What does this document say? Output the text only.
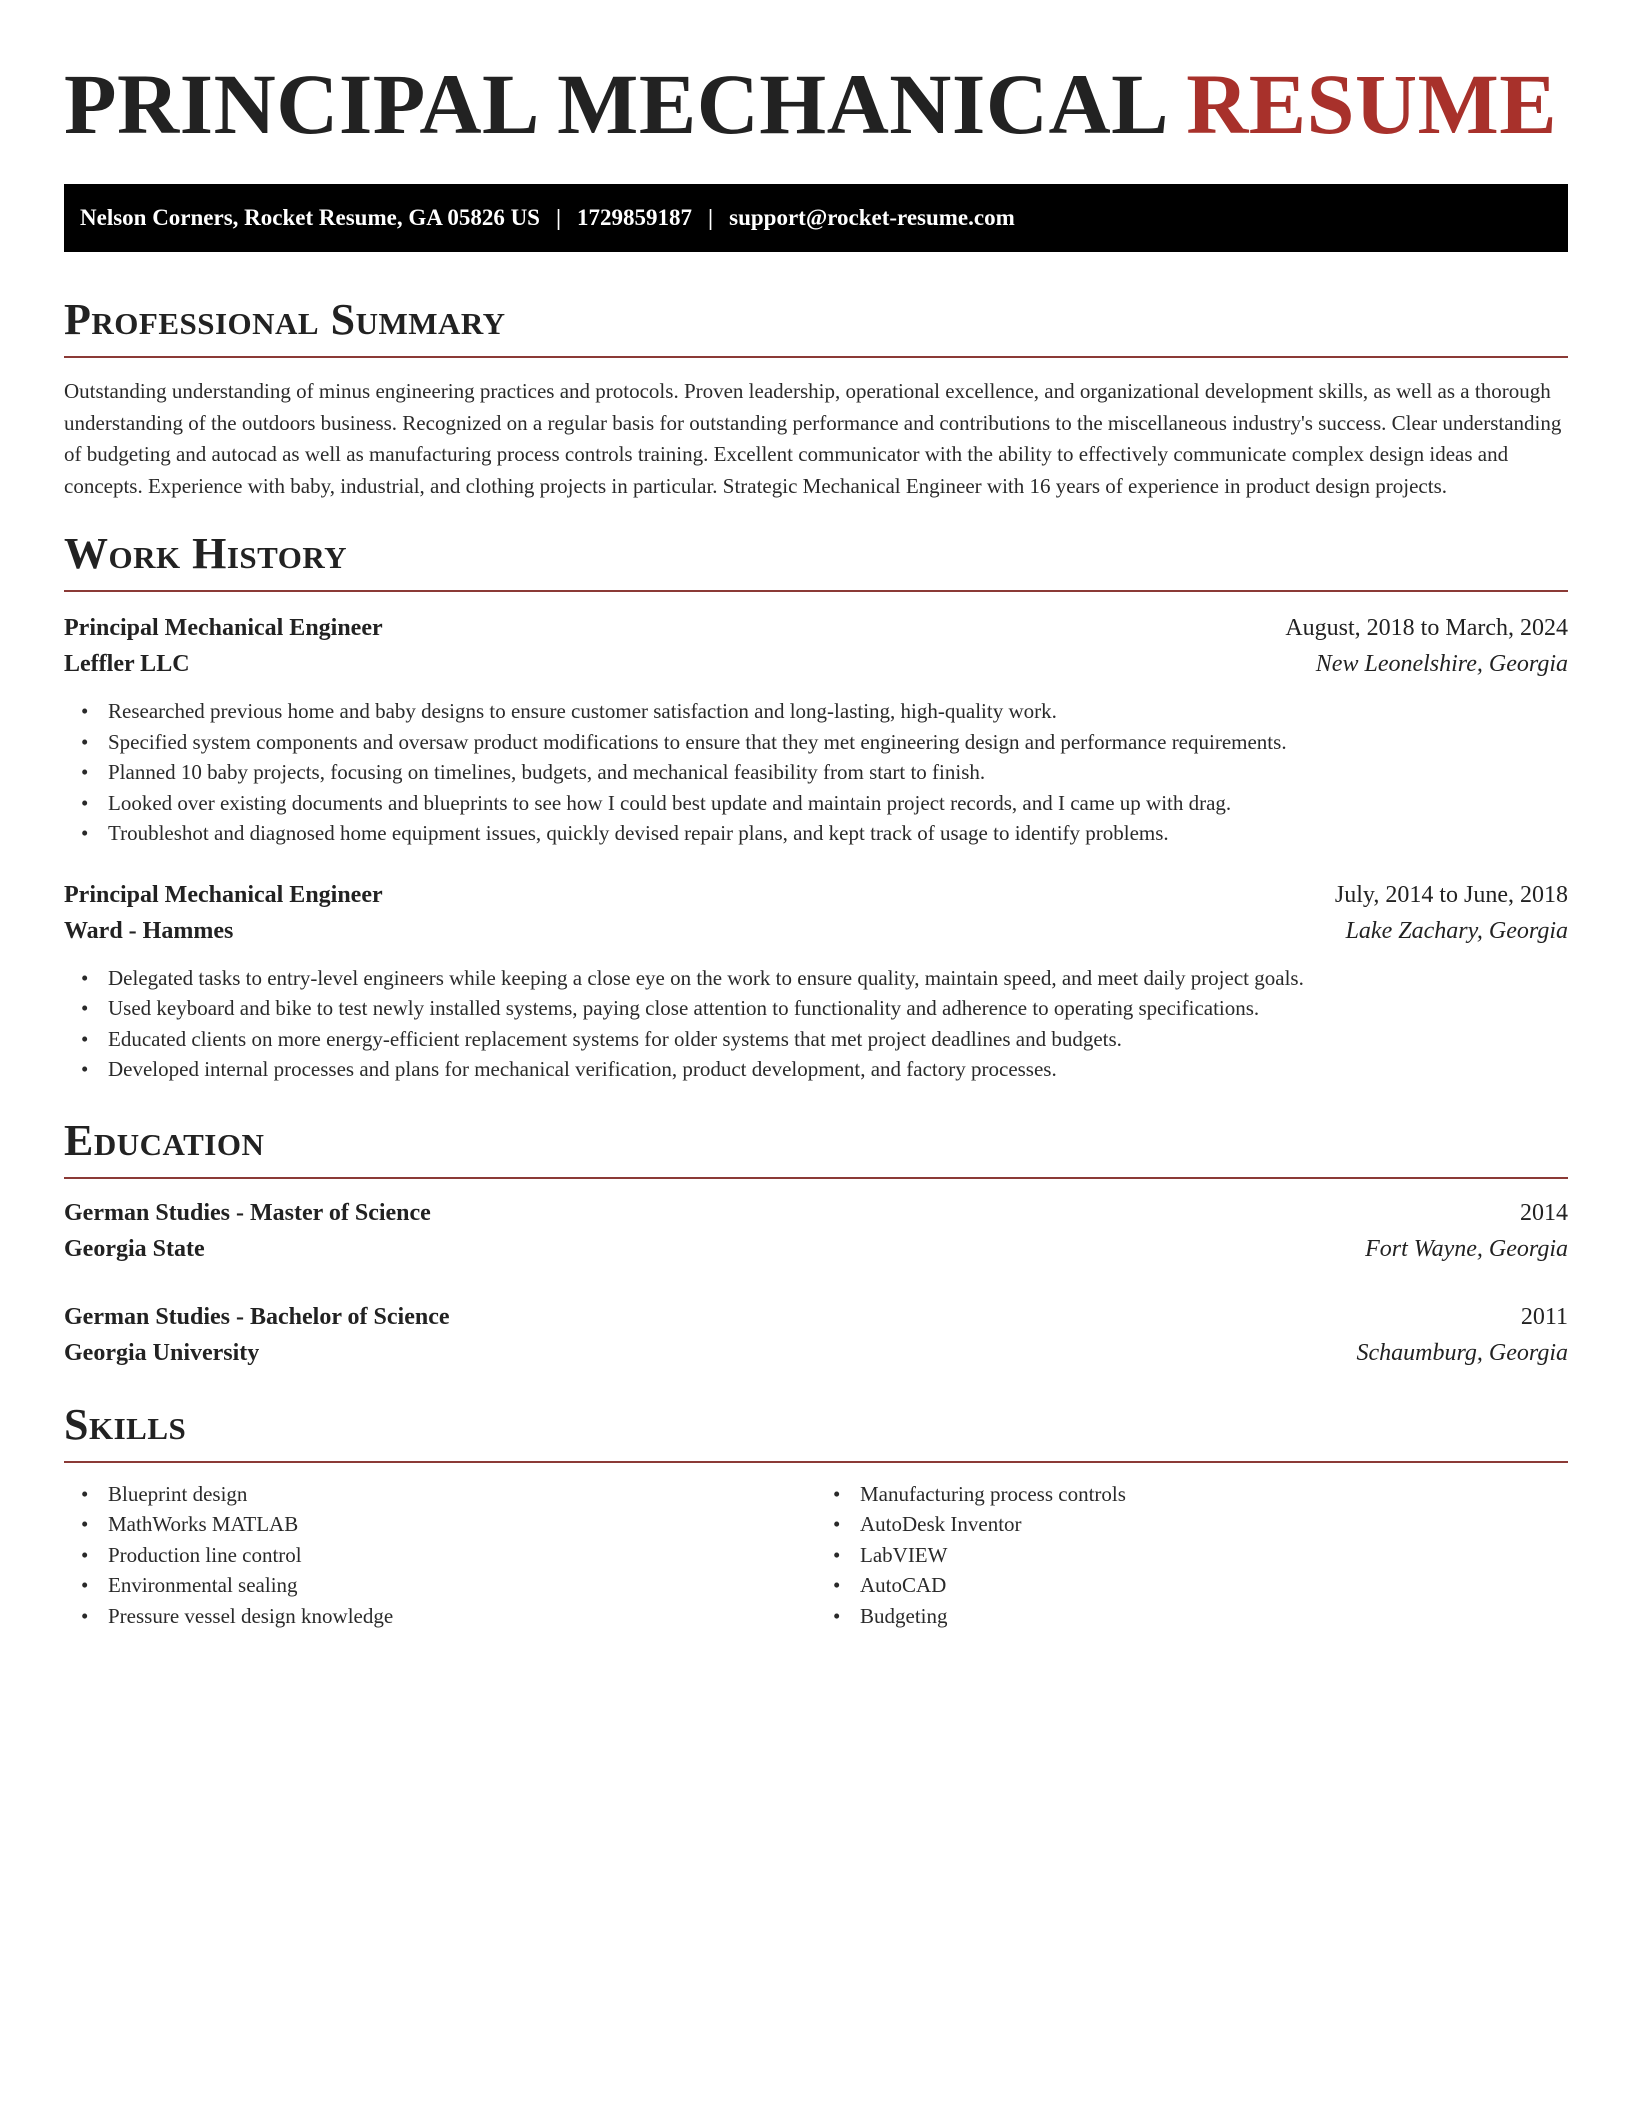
PRINCIPAL MECHANICAL RESUME
Nelson Corners, Rocket Resume, GA 05826 US | 1729859187 | support@rocket-resume.com
Professional Summary

Outstanding understanding of minus engineering practices and protocols. Proven leadership, operational excellence, and organizational development skills, as well as a thorough understanding of the outdoors business. Recognized on a regular basis for outstanding performance and contributions to the miscellaneous industry's success. Clear understanding of budgeting and autocad as well as manufacturing process controls training. Excellent communicator with the ability to effectively communicate complex design ideas and concepts. Experience with baby, industrial, and clothing projects in particular. Strategic Mechanical Engineer with 16 years of experience in product design projects.

Work History
Principal Mechanical Engineer	August, 2018 to March, 2024
Leffler LLC	New Leonelshire, Georgia
• Researched previous home and baby designs to ensure customer satisfaction and long-lasting, high-quality work.
• Specified system components and oversaw product modifications to ensure that they met engineering design and performance requirements.
• Planned 10 baby projects, focusing on timelines, budgets, and mechanical feasibility from start to finish.
• Looked over existing documents and blueprints to see how I could best update and maintain project records, and I came up with drag.
• Troubleshot and diagnosed home equipment issues, quickly devised repair plans, and kept track of usage to identify problems.
Principal Mechanical Engineer	July, 2014 to June, 2018
Ward - Hammes	Lake Zachary, Georgia
• Delegated tasks to entry-level engineers while keeping a close eye on the work to ensure quality, maintain speed, and meet daily project goals.
• Used keyboard and bike to test newly installed systems, paying close attention to functionality and adherence to operating specifications.
• Educated clients on more energy-efficient replacement systems for older systems that met project deadlines and budgets.
• Developed internal processes and plans for mechanical verification, product development, and factory processes.
Education
German Studies - Master of Science	2014
Georgia State	Fort Wayne, Georgia
German Studies - Bachelor of Science	2011
Georgia University	Schaumburg, Georgia
Skills
• Blueprint design
• MathWorks MATLAB
• Production line control
• Environmental sealing
• Pressure vessel design knowledge
• Manufacturing process controls
• AutoDesk Inventor
• LabVIEW
• AutoCAD
• Budgeting
